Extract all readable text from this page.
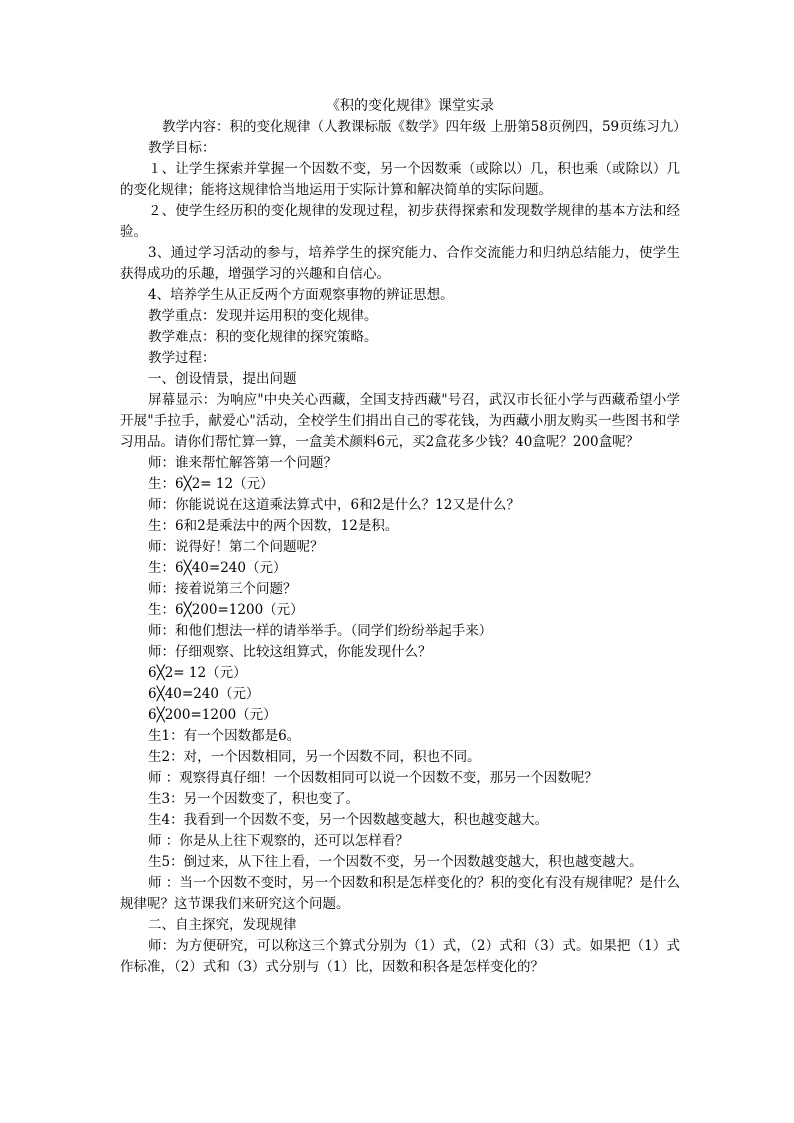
《积的变化规律》课堂实录

教学内容：积的变化规律（人教课标版《数学》四年级 上册第58页例四，59页练习九）

教学目标：

１、让学生探索并掌握一个因数不变，另一个因数乘（或除以）几，积也乘（或除以）几的变化规律；能将这规律恰当地运用于实际计算和解决简单的实际问题。

２、使学生经历积的变化规律的发现过程，初步获得探索和发现数学规律的基本方法和经验。

3、通过学习活动的参与，培养学生的探究能力、合作交流能力和归纳总结能力，使学生获得成功的乐趣，增强学习的兴趣和自信心。

4、培养学生从正反两个方面观察事物的辨证思想。

教学重点：发现并运用积的变化规律。

教学难点：积的变化规律的探究策略。

教学过程：

一、创设情景，提出问题

屏幕显示：为响应"中央关心西藏，全国支持西藏"号召，武汉市长征小学与西藏希望小学开展"手拉手，献爱心"活动，全校学生们捐出自己的零花钱，为西藏小朋友购买一些图书和学习用品。请你们帮忙算一算，一盒美术颜料6元，买2盒花多少钱？40盒呢？200盒呢？

师：谁来帮忙解答第一个问题？

生：6╳2= 12（元）

师：你能说说在这道乘法算式中，6和2是什么？12又是什么？

生：6和2是乘法中的两个因数，12是积。

师：说得好！第二个问题呢？

生：6╳40=240（元）

师：接着说第三个问题？

生：6╳200=1200（元）

师：和他们想法一样的请举举手。（同学们纷纷举起手来）

师：仔细观察、比较这组算式，你能发现什么？

6╳2= 12（元）

6╳40=240（元）

6╳200=1200（元）

生1：有一个因数都是6。

生2：对，一个因数相同，另一个因数不同，积也不同。

师 ：观察得真仔细！一个因数相同可以说一个因数不变，那另一个因数呢？

生3：另一个因数变了，积也变了。

生4：我看到一个因数不变，另一个因数越变越大，积也越变越大。

师 ：你是从上往下观察的，还可以怎样看？

生5：倒过来，从下往上看，一个因数不变，另一个因数越变越大，积也越变越大。

师 ：当一个因数不变时，另一个因数和积是怎样变化的？积的变化有没有规律呢？是什么规律呢？这节课我们来研究这个问题。

二、自主探究，发现规律

师：为方便研究，可以称这三个算式分别为（1）式，（2）式和（3）式。如果把（1）式作标准，（2）式和（3）式分别与（1）比，因数和积各是怎样变化的？
